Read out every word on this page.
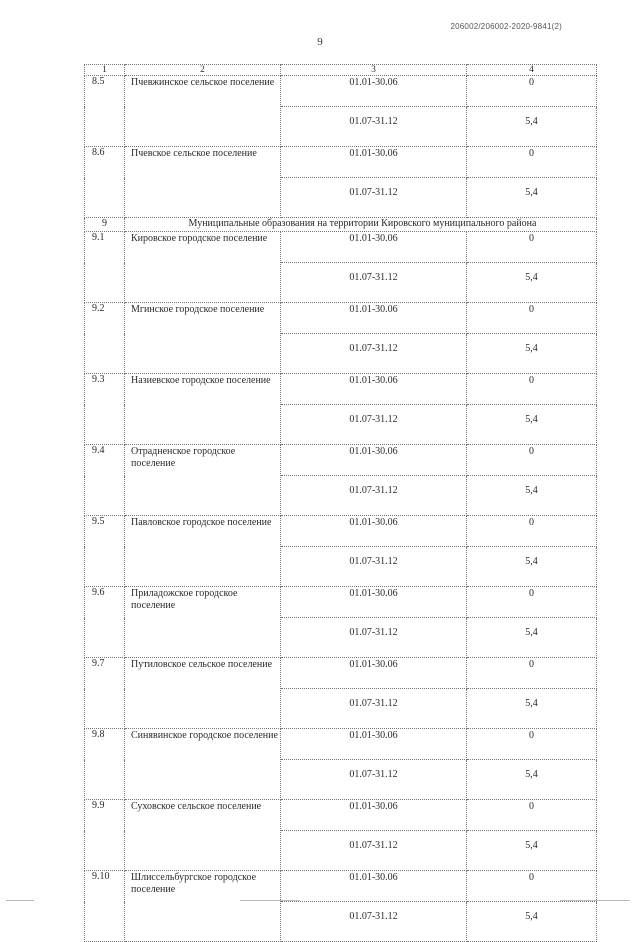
206002/206002-2020-9841(2)
9
1	2	3	4
8.5	Пчевжинское сельское поселение	01.01-30.06	0
		01.07-31.12	5,4
8.6	Пчевское сельское поселение	01.01-30.06	0
		01.07-31.12	5,4
9	Муниципальные образования на территории Кировского муниципального района		
9.1	Кировское городское поселение	01.01-30.06	0
		01.07-31.12	5,4
9.2	Мгинское городское поселение	01.01-30.06	0
		01.07-31.12	5,4
9.3	Назиевское городское поселение	01.01-30.06	0
		01.07-31.12	5,4
9.4	Отрадненское городское поселение	01.01-30.06	0
		01.07-31.12	5,4
9.5	Павловское городское поселение	01.01-30.06	0
		01.07-31.12	5,4
9.6	Приладожское городское поселение	01.01-30.06	0
		01.07-31.12	5,4
9.7	Путиловское сельское поселение	01.01-30.06	0
		01.07-31.12	5,4
9.8	Синявинское городское поселение	01.01-30.06	0
		01.07-31.12	5,4
9.9	Суховское сельское поселение	01.01-30.06	0
		01.07-31.12	5,4
9.10	Шлиссельбургское городское поселение	01.01-30.06	0
		01.07-31.12	5,4
